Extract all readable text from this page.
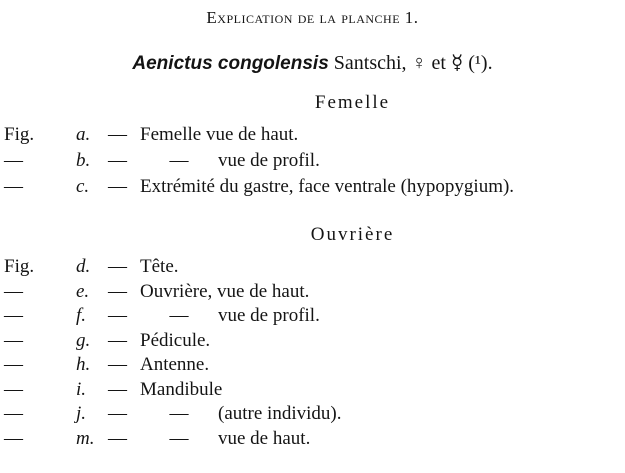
Explication de la planche 1.
Aenictus congolensis Santschi, ♀ et ☿ (¹).
Femelle
Fig.	a. — Femelle vue de haut.
—	b. —	— vue de profil.
—	c. — Extrémité du gastre, face ventrale (hypopygium).
Ouvrière
Fig.	d. — Tête.
—	e. — Ouvrière, vue de haut.
—	f. —	— vue de profil.
—	g. — Pédicule.
—	h. — Antenne.
—	i. — Mandibule
—	j. —	— (autre individu).
—	m. —	— vue de haut.
